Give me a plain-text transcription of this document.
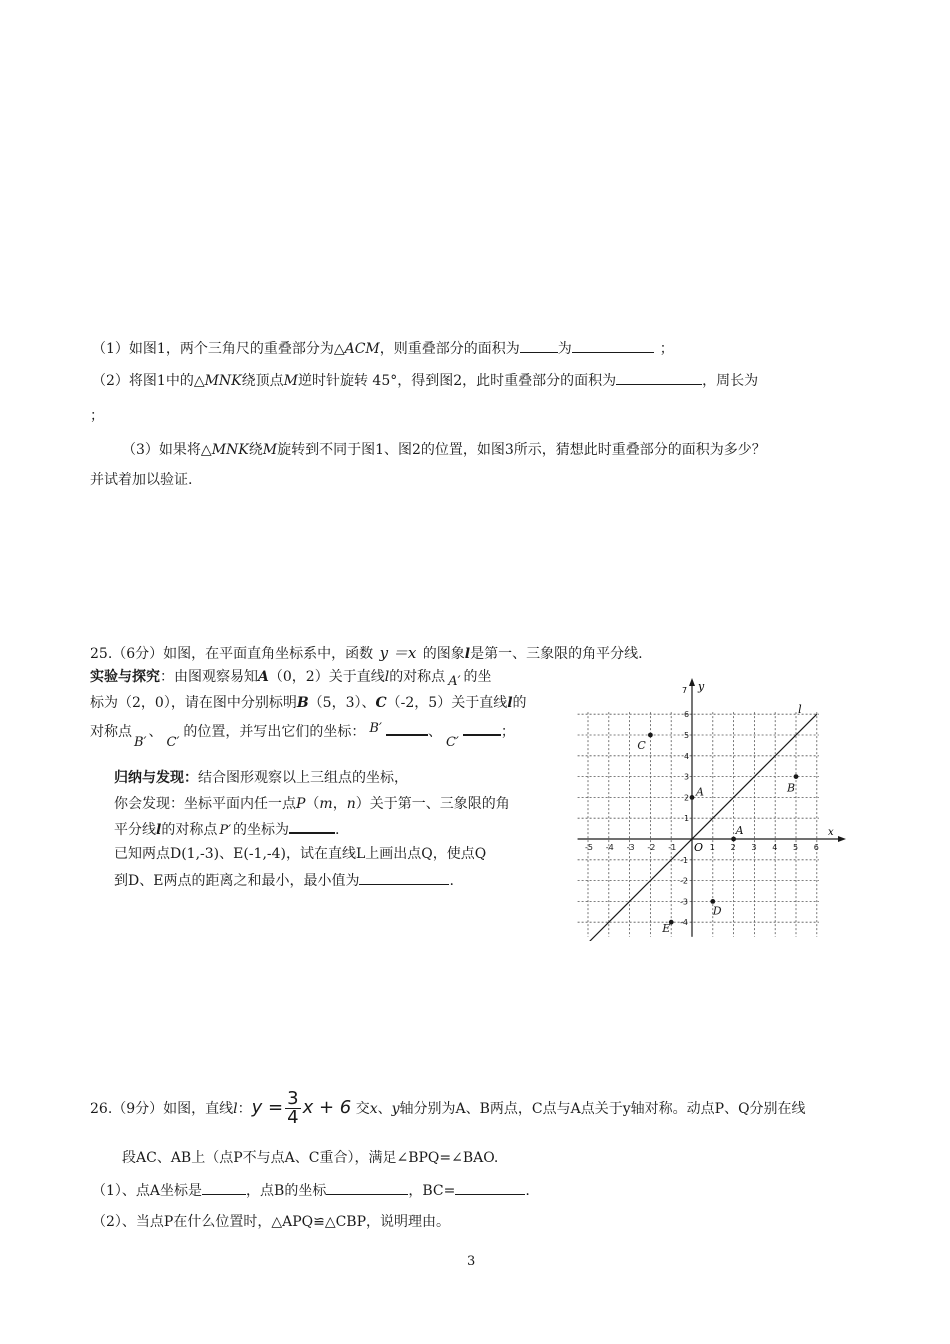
（1）如图1，两个三角尺的重叠部分为△ACM，则重叠部分的面积为	为	；
（2）将图1中的△MNK绕顶点M逆时针旋转 45°，得到图2，此时重叠部分的面积为	，周长为
；
（3）如果将△MNK绕M旋转到不同于图1、图2的位置，如图3所示，猜想此时重叠部分的面积为多少？
并试着加以验证.
25.（6分）如图，在平面直角坐标系中，函数 y ＝x 的图象l是第一、三象限的角平分线.
实验与探究：由图观察易知A（0，2）关于直线l的对称点 A′ 的坐
标为（2，0），请在图中分别标明B（5，3）、C（-2，5）关于直线l的
对称点B′、C′的位置，并写出它们的坐标： B′	、C′；
归纳与发现：结合图形观察以上三组点的坐标，
你会发现：坐标平面内任一点P（m，n）关于第一、三象限的角
平分线l的对称点 P′ 的坐标为	.
已知两点D(1,-3)、E(-1,-4)，试在直线L上画出点Q，使点Q
到D、E两点的距离之和最小，最小值为	.
-5 -4 -3 -2 -1	1 2 3 4 5 6
6
5
4
3
2
1
-1
-2
-3
-4
C
A	B
A
D
E
y
x
l
O
7
26.（9分）如图，直线l：$y = \frac{3}{4}$ x + 6 交x、y轴分别为A、B两点，C点与A点关于y轴对称。动点P、Q分别在线
段AC、AB上（点P不与点A、C重合），满足∠BPQ=∠BAO.
（1）、点A坐标是	，点B的坐标	，BC=	.
（2）、当点P在什么位置时，△APQ≌△CBP，说明理由。
3
